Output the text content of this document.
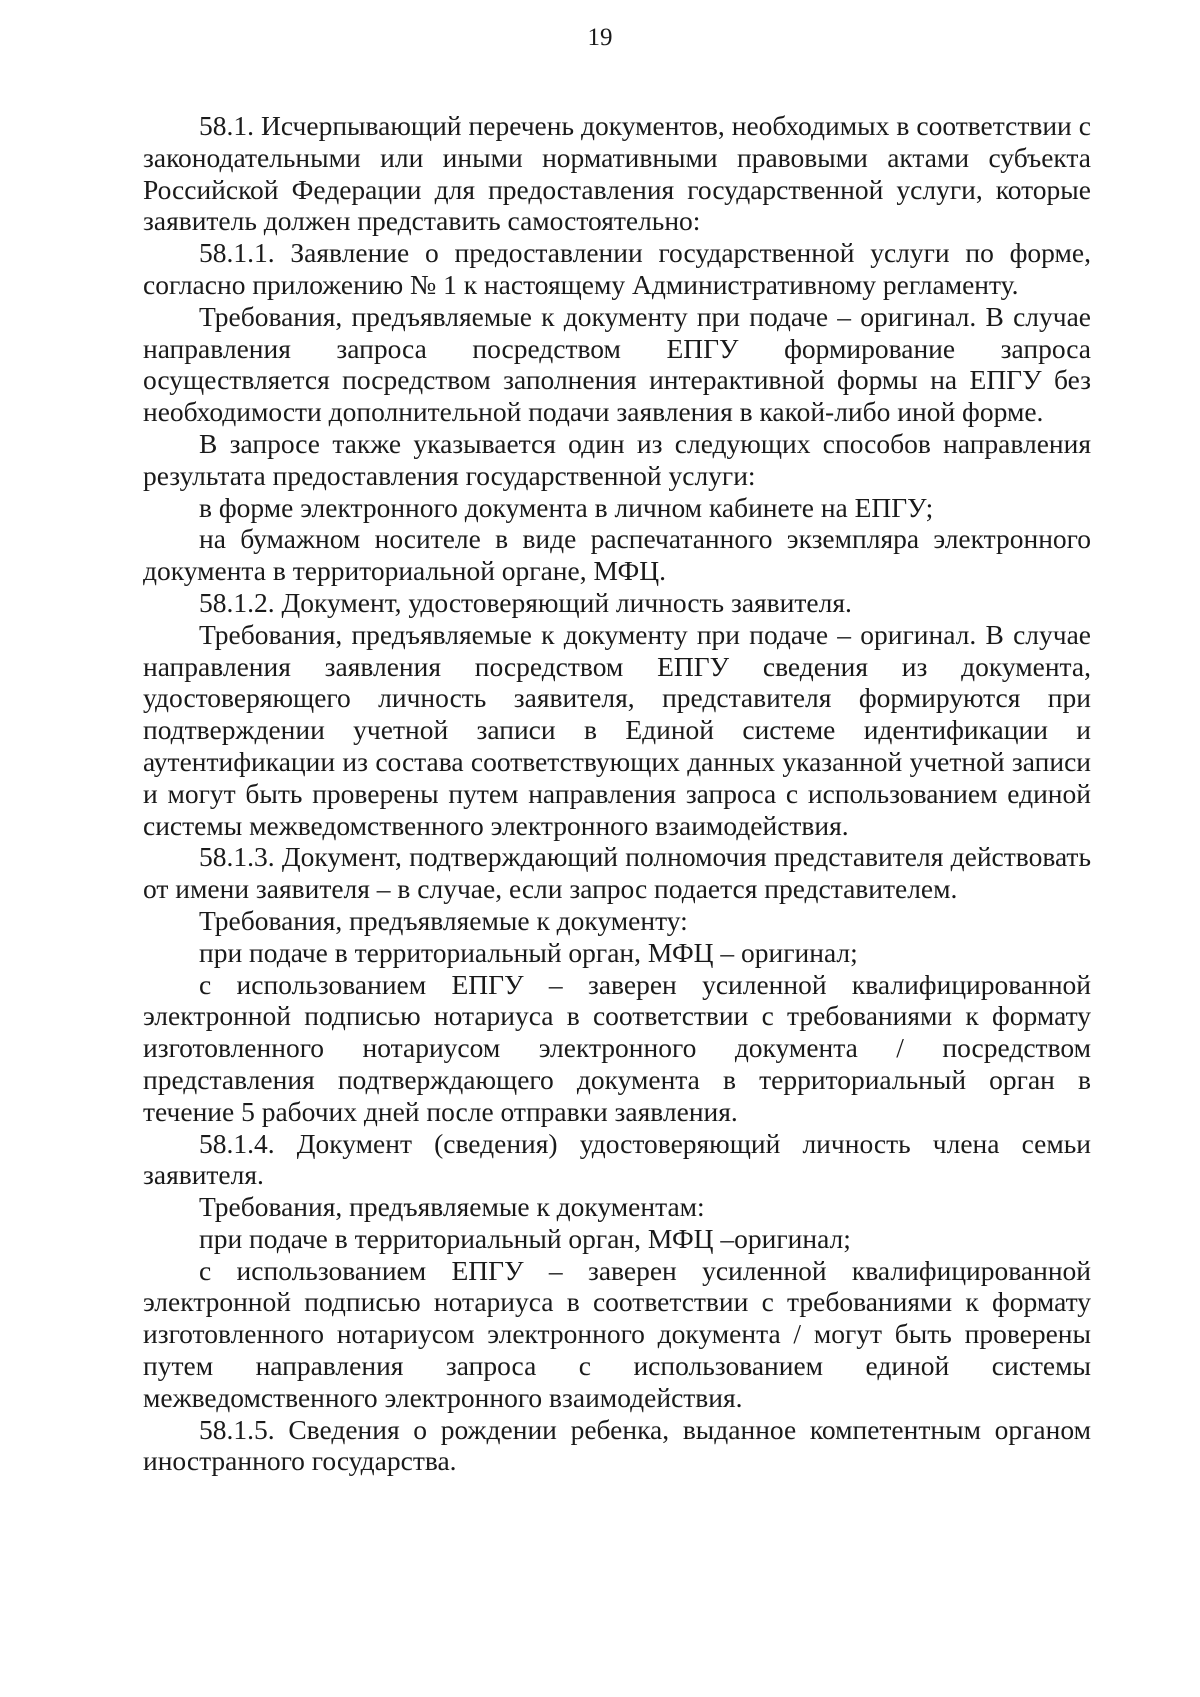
19

58.1. Исчерпывающий перечень документов, необходимых в соответствии с законодательными или иными нормативными правовыми актами субъекта Российской Федерации для предоставления государственной услуги, которые заявитель должен представить самостоятельно:

58.1.1. Заявление о предоставлении государственной услуги по форме, согласно приложению № 1 к настоящему Административному регламенту.

Требования, предъявляемые к документу при подаче – оригинал. В случае направления запроса посредством ЕПГУ формирование запроса осуществляется посредством заполнения интерактивной формы на ЕПГУ без необходимости дополнительной подачи заявления в какой-либо иной форме.

В запросе также указывается один из следующих способов направления результата предоставления государственной услуги:

в форме электронного документа в личном кабинете на ЕПГУ;

на бумажном носителе в виде распечатанного экземпляра электронного документа в территориальной органе, МФЦ.

58.1.2. Документ, удостоверяющий личность заявителя.

Требования, предъявляемые к документу при подаче – оригинал. В случае направления заявления посредством ЕПГУ сведения из документа, удостоверяющего личность заявителя, представителя формируются при подтверждении учетной записи в Единой системе идентификации и аутентификации из состава соответствующих данных указанной учетной записи и могут быть проверены путем направления запроса с использованием единой системы межведомственного электронного взаимодействия.

58.1.3. Документ, подтверждающий полномочия представителя действовать от имени заявителя – в случае, если запрос подается представителем.

Требования, предъявляемые к документу:

при подаче в территориальный орган, МФЦ – оригинал;

с использованием ЕПГУ – заверен усиленной квалифицированной электронной подписью нотариуса в соответствии с требованиями к формату изготовленного нотариусом электронного документа / посредством представления подтверждающего документа в территориальный орган в течение 5 рабочих дней после отправки заявления.

58.1.4. Документ (сведения) удостоверяющий личность члена семьи заявителя.

Требования, предъявляемые к документам:

при подаче в территориальный орган, МФЦ –оригинал;

с использованием ЕПГУ – заверен усиленной квалифицированной электронной подписью нотариуса в соответствии с требованиями к формату изготовленного нотариусом электронного документа / могут быть проверены путем направления запроса с использованием единой системы межведомственного электронного взаимодействия.

58.1.5. Сведения о рождении ребенка, выданное компетентным органом иностранного государства.
